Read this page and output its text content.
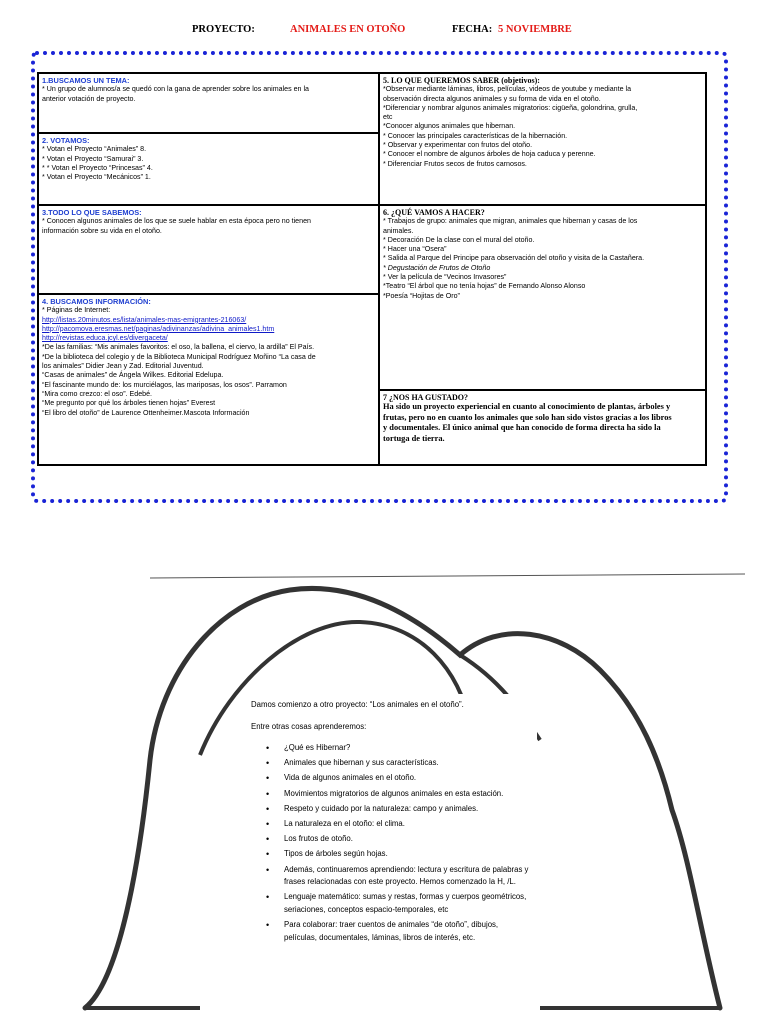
PROYECTO:	ANIMALES EN OTOÑO	FECHA: 5 NOVIEMBRE
1.BUSCAMOS UN TEMA:
* Un grupo de alumnos/a se quedó con la gana de aprender sobre los animales en la
anterior votación de proyecto.
2. VOTAMOS:
* Votan el Proyecto “Animales” 8.
* Votan el Proyecto “Samurai” 3.
* * Votan el Proyecto “Princesas” 4.
* Votan el Proyecto “Mecánicos” 1.
3.TODO LO QUE SABEMOS:
* Conocen algunos animales de los que se suele hablar en esta época pero no tienen
información sobre su vida en el otoño.
4. BUSCAMOS INFORMACIÓN:
* Páginas de Internet:
http://listas.20minutos.es/lista/animales-mas-emigrantes-216063/
http://pacomova.eresmas.net/paginas/adivinanzas/adivina_animales1.htm
http://revistas.educa.jcyl.es/divergaceta/
*De las familias: “Mis animales favoritos: el oso, la ballena, el ciervo, la ardilla” El País.
*De la biblioteca del colegio y de la Biblioteca Municipal Rodríguez Moñino “La casa de
los animales” Didier Jean y Zad. Editorial Juventud.
“Casas de animales” de Ángela Wilkes. Editorial Edelupa.
“El fascinante mundo de: los murciélagos, las mariposas, los osos”. Parramon
“Mira como crezco: el oso”. Edebé.
“Me pregunto por qué los árboles tienen hojas” Everest
“El libro del otoño” de Laurence Ottenheimer.Mascota Información
5. LO QUE QUEREMOS SABER (objetivos):
*Observar mediante láminas, libros, películas, videos de youtube y mediante la
observación directa algunos animales y su forma de vida en el otoño.
*Diferenciar y nombrar algunos animales migratorios: cigüeña, golondrina, grulla,
etc
*Conocer algunos animales que hibernan.
* Conocer las principales características de la hibernación.
* Observar y experimentar con frutos del otoño.
* Conocer el nombre de algunos árboles de hoja caduca y perenne.
* Diferenciar Frutos secos de frutos carnosos.
6. ¿QUÉ VAMOS A HACER?
* Trabajos de grupo: animales que migran, animales que hibernan y casas de los
animales.
* Decoración De la clase con el mural del otoño.
* Hacer una “Osera”
* Salida al Parque del Principe para observación del otoño y visita de la Castañera.
* Degustación de Frutos de Otoño
* Ver la película de “Vecinos Invasores”
*Teatro “El árbol que no tenía hojas” de Fernando Alonso Alonso
*Poesía “Hojitas de Oro”
7 ¿NOS HA GUSTADO?
Ha sido un proyecto experiencial en cuanto al conocimiento de plantas, árboles y
frutas, pero no en cuanto los animales que solo han sido vistos gracias a los libros
y documentales. El único animal que han conocido de forma directa ha sido la
tortuga de tierra.
Damos comienzo a otro proyecto: “Los animales en el otoño”.
Entre otras cosas aprenderemos:
• ¿Qué es Hibernar?
• Animales que hibernan y sus características.
• Vida de algunos animales en el otoño.
• Movimientos migratorios de algunos animales en esta estación.
• Respeto y cuidado por la naturaleza: campo y animales.
• La naturaleza en el otoño: el clima.
• Los frutos de otoño.
• Tipos de árboles según hojas.
• Además, continuaremos aprendiendo: lectura y escritura de palabras y frases relacionadas con este proyecto. Hemos comenzado la H, /L.
• Lenguaje matemático: sumas y restas, formas y cuerpos geométricos, seriaciones, conceptos espacio-temporales, etc
• Para colaborar: traer cuentos de animales “de otoño”, dibujos, películas, documentales, láminas, libros de interés, etc.
